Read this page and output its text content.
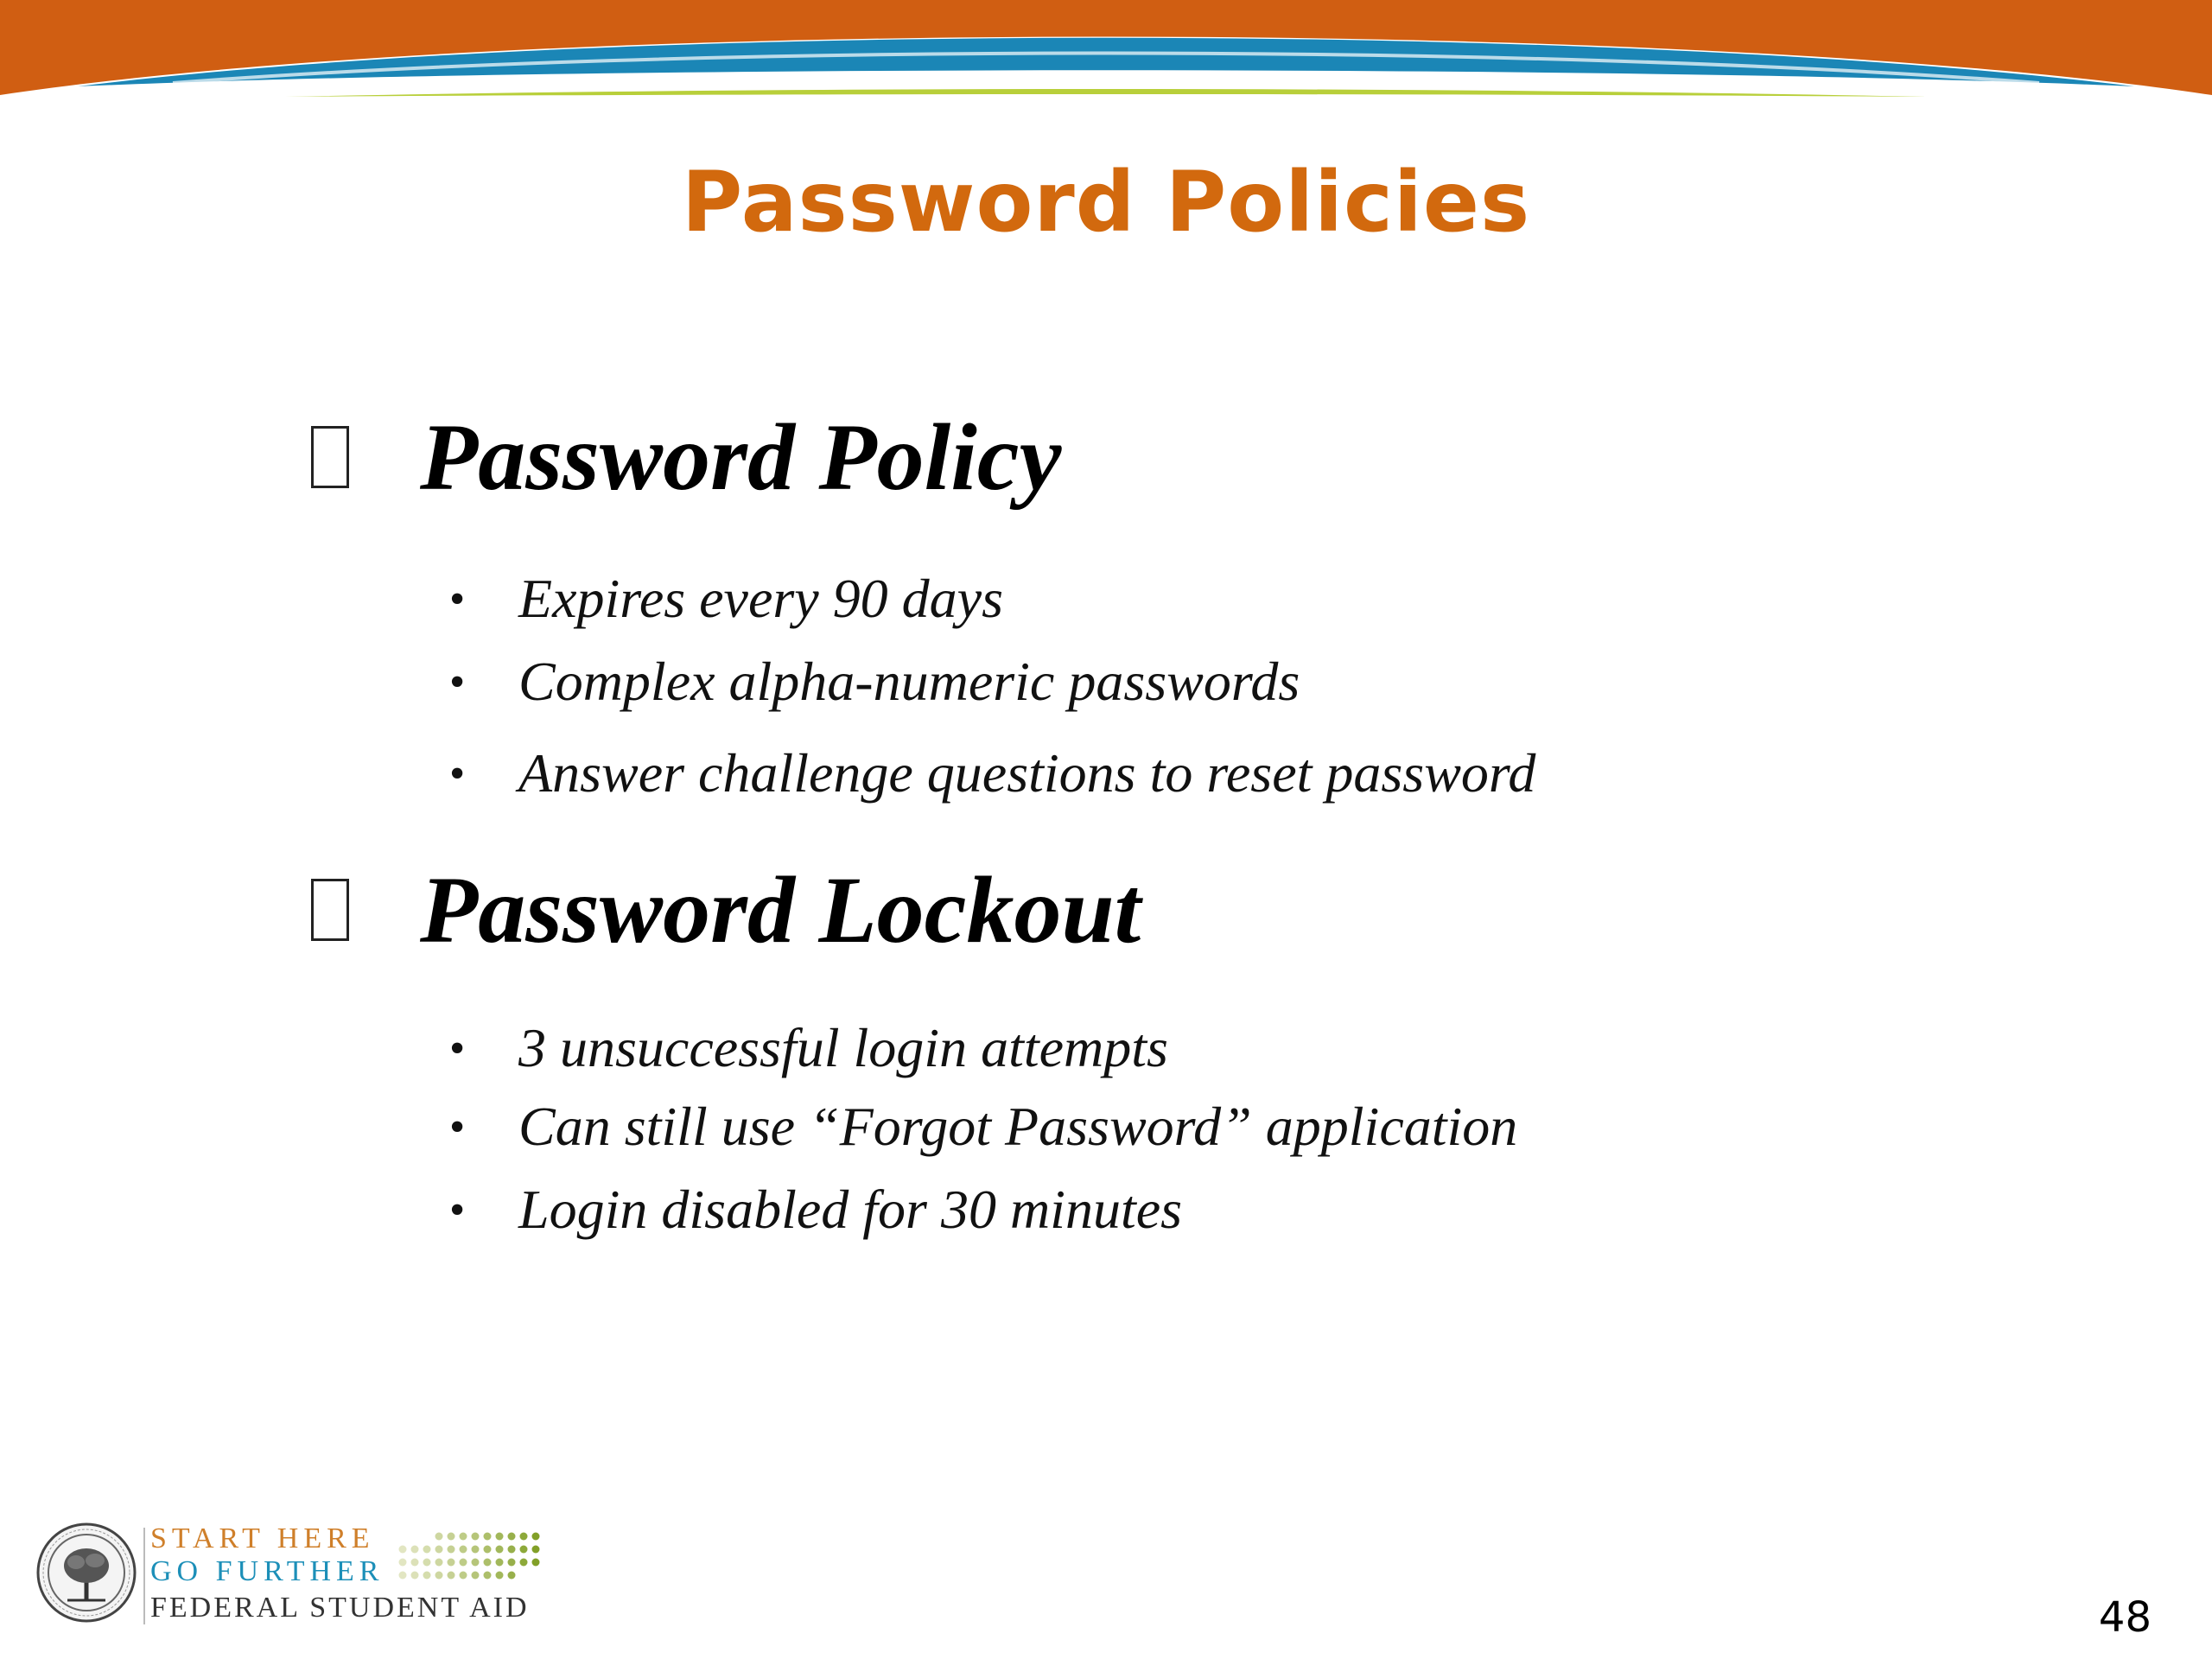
Password Policies
Password Policy
• Expires every 90 days
• Complex alpha-numeric passwords
• Answer challenge questions to reset password
Password Lockout
• 3 unsuccessful login attempts
• Can still use “Forgot Password” application
• Login disabled for 30 minutes
START HERE
GO FURTHER
FEDERAL STUDENT AID	48
